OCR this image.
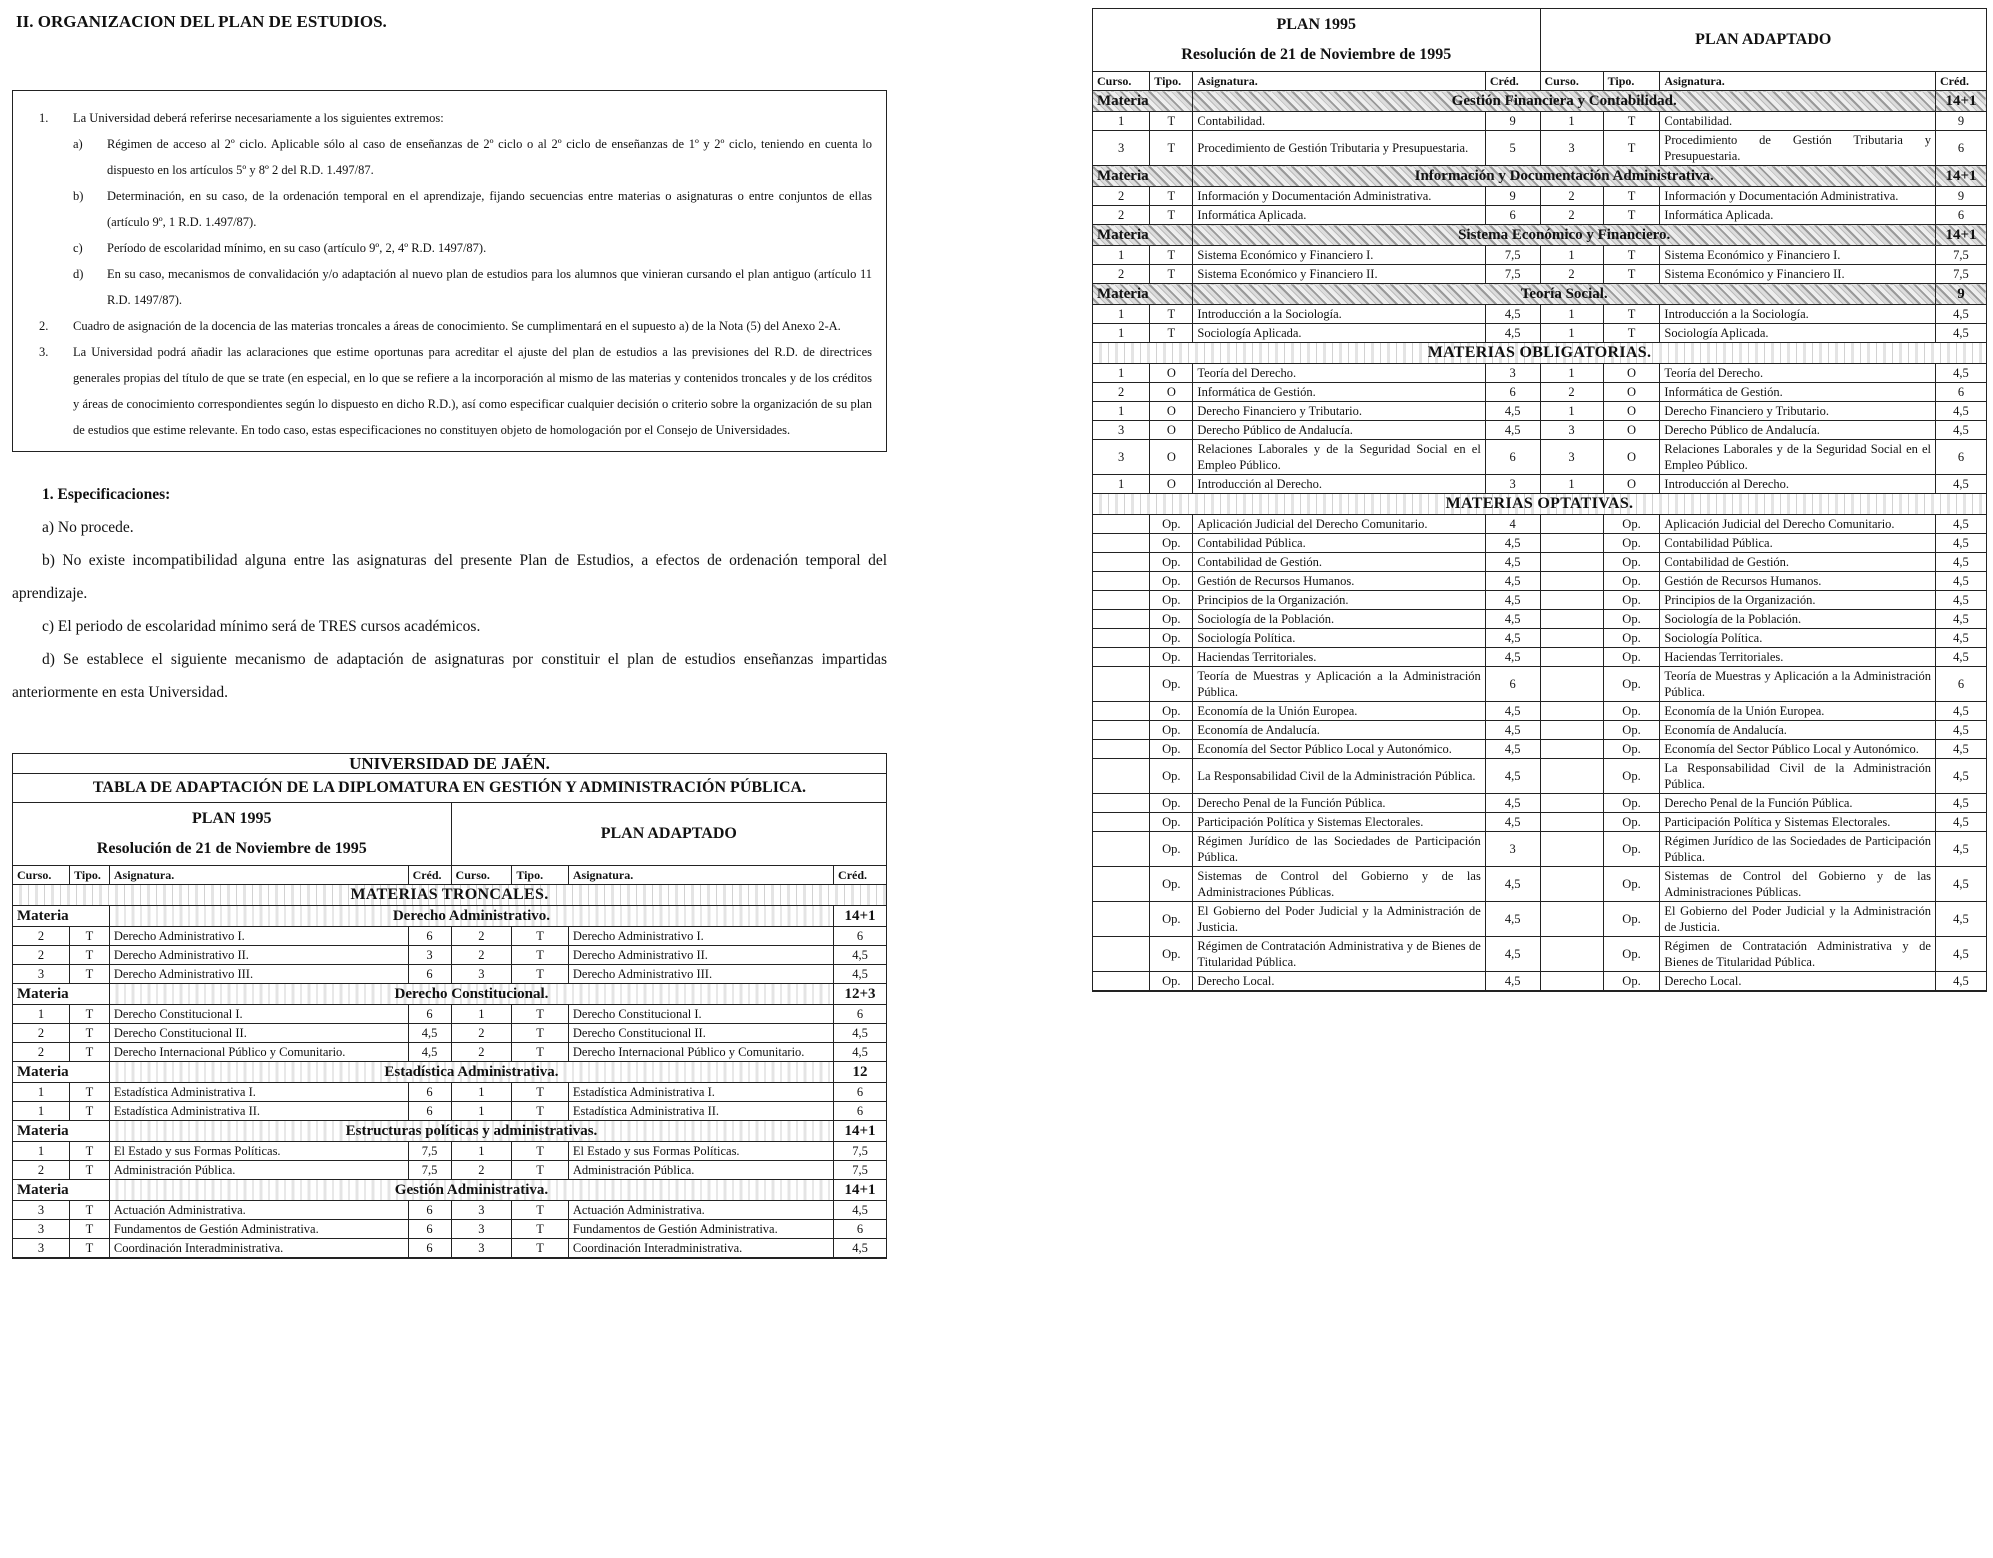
II. ORGANIZACION DEL PLAN DE ESTUDIOS.
1.	La Universidad deberá referirse necesariamente a los siguientes extremos:
a)	Régimen de acceso al 2º ciclo. Aplicable sólo al caso de enseñanzas de 2º ciclo o al 2º ciclo de enseñanzas de 1º y 2º ciclo, teniendo en cuenta lo dispuesto en los artículos 5º y 8º 2 del R.D. 1.497/87.
b)	Determinación, en su caso, de la ordenación temporal en el aprendizaje, fijando secuencias entre materias o asignaturas o entre conjuntos de ellas (artículo 9º, 1 R.D. 1.497/87).
c)	Período de escolaridad mínimo, en su caso (artículo 9º, 2, 4º R.D. 1497/87).
d)	En su caso, mecanismos de convalidación y/o adaptación al nuevo plan de estudios para los alumnos que vinieran cursando el plan antiguo (artículo 11 R.D. 1497/87).
2.	Cuadro de asignación de la docencia de las materias troncales a áreas de conocimiento. Se cumplimentará en el supuesto a) de la Nota (5) del Anexo 2-A.
3.	La Universidad podrá añadir las aclaraciones que estime oportunas para acreditar el ajuste del plan de estudios a las previsiones del R.D. de directrices generales propias del título de que se trate (en especial, en lo que se refiere a la incorporación al mismo de las materias y contenidos troncales y de los créditos y áreas de conocimiento correspondientes según lo dispuesto en dicho R.D.), así como especificar cualquier decisión o criterio sobre la organización de su plan de estudios que estime relevante. En todo caso, estas especificaciones no constituyen objeto de homologación por el Consejo de Universidades.
1. Especificaciones:

a) No procede.

b) No existe incompatibilidad alguna entre las asignaturas del presente Plan de Estudios, a efectos de ordenación temporal del aprendizaje.

c) El periodo de escolaridad mínimo será de TRES cursos académicos.

d) Se establece el siguiente mecanismo de adaptación de asignaturas por constituir el plan de estudios enseñanzas impartidas anteriormente en esta Universidad.

UNIVERSIDAD DE JAÉN.							
TABLA DE ADAPTACIÓN DE LA DIPLOMATURA EN GESTIÓN Y ADMINISTRACIÓN PÚBLICA.							
PLAN 1995
Resolución de 21 de Noviembre de 1995				PLAN ADAPTADO			
Curso.	Tipo.	Asignatura.	Créd.	Curso.	Tipo.	Asignatura.	Créd.
MATERIAS TRONCALES.							
Materia		Derecho Administrativo.					14+1
2	T	Derecho Administrativo I.	6	2	T	Derecho Administrativo I.	6
2	T	Derecho Administrativo II.	3	2	T	Derecho Administrativo II.	4,5
3	T	Derecho Administrativo III.	6	3	T	Derecho Administrativo III.	4,5
Materia		Derecho Constitucional.					12+3
1	T	Derecho Constitucional I.	6	1	T	Derecho Constitucional I.	6
2	T	Derecho Constitucional II.	4,5	2	T	Derecho Constitucional II.	4,5
2	T	Derecho Internacional Público y Comunitario.	4,5	2	T	Derecho Internacional Público y Comunitario.	4,5
Materia		Estadística Administrativa.					12
1	T	Estadística Administrativa I.	6	1	T	Estadística Administrativa I.	6
1	T	Estadística Administrativa II.	6	1	T	Estadística Administrativa II.	6
Materia		Estructuras políticas y administrativas.					14+1
1	T	El Estado y sus Formas Políticas.	7,5	1	T	El Estado y sus Formas Políticas.	7,5
2	T	Administración Pública.	7,5	2	T	Administración Pública.	7,5
Materia		Gestión Administrativa.					14+1
3	T	Actuación Administrativa.	6	3	T	Actuación Administrativa.	4,5
3	T	Fundamentos de Gestión Administrativa.	6	3	T	Fundamentos de Gestión Administrativa.	6
3	T	Coordinación Interadministrativa.	6	3	T	Coordinación Interadministrativa.	4,5
PLAN 1995
Resolución de 21 de Noviembre de 1995				PLAN ADAPTADO			
Curso.	Tipo.	Asignatura.	Créd.	Curso.	Tipo.	Asignatura.	Créd.
Materia		Gestión Financiera y Contabilidad.					14+1
1	T	Contabilidad.	9	1	T	Contabilidad.	9
3	T	Procedimiento de Gestión Tributaria y Presupuestaria.	5	3	T	Procedimiento de Gestión Tributaria y Presupuestaria.	6
Materia		Información y Documentación Administrativa.					14+1
2	T	Información y Documentación Administrativa.	9	2	T	Información y Documentación Administrativa.	9
2	T	Informática Aplicada.	6	2	T	Informática Aplicada.	6
Materia		Sistema Económico y Financiero.					14+1
1	T	Sistema Económico y Financiero I.	7,5	1	T	Sistema Económico y Financiero I.	7,5
2	T	Sistema Económico y Financiero II.	7,5	2	T	Sistema Económico y Financiero II.	7,5
Materia		Teoría Social.					9
1	T	Introducción a la Sociología.	4,5	1	T	Introducción a la Sociología.	4,5
1	T	Sociología Aplicada.	4,5	1	T	Sociología Aplicada.	4,5
MATERIAS OBLIGATORIAS.							
1	O	Teoría del Derecho.	3	1	O	Teoría del Derecho.	4,5
2	O	Informática de Gestión.	6	2	O	Informática de Gestión.	6
1	O	Derecho Financiero y Tributario.	4,5	1	O	Derecho Financiero y Tributario.	4,5
3	O	Derecho Público de Andalucía.	4,5	3	O	Derecho Público de Andalucía.	4,5
3	O	Relaciones Laborales y de la Seguridad Social en el Empleo Público.	6	3	O	Relaciones Laborales y de la Seguridad Social en el Empleo Público.	6
1	O	Introducción al Derecho.	3	1	O	Introducción al Derecho.	4,5
MATERIAS OPTATIVAS.							
	Op.	Aplicación Judicial del Derecho Comunitario.	4		Op.	Aplicación Judicial del Derecho Comunitario.	4,5
	Op.	Contabilidad Pública.	4,5		Op.	Contabilidad Pública.	4,5
	Op.	Contabilidad de Gestión.	4,5		Op.	Contabilidad de Gestión.	4,5
	Op.	Gestión de Recursos Humanos.	4,5		Op.	Gestión de Recursos Humanos.	4,5
	Op.	Principios de la Organización.	4,5		Op.	Principios de la Organización.	4,5
	Op.	Sociología de la Población.	4,5		Op.	Sociología de la Población.	4,5
	Op.	Sociología Política.	4,5		Op.	Sociología Política.	4,5
	Op.	Haciendas Territoriales.	4,5		Op.	Haciendas Territoriales.	4,5
	Op.	Teoría de Muestras y Aplicación a la Administración Pública.	6		Op.	Teoría de Muestras y Aplicación a la Administración Pública.	6
	Op.	Economía de la Unión Europea.	4,5		Op.	Economía de la Unión Europea.	4,5
	Op.	Economía de Andalucía.	4,5		Op.	Economía de Andalucía.	4,5
	Op.	Economía del Sector Público Local y Autonómico.	4,5		Op.	Economía del Sector Público Local y Autonómico.	4,5
	Op.	La Responsabilidad Civil de la Administración Pública.	4,5		Op.	La Responsabilidad Civil de la Administración Pública.	4,5
	Op.	Derecho Penal de la Función Pública.	4,5		Op.	Derecho Penal de la Función Pública.	4,5
	Op.	Participación Política y Sistemas Electorales.	4,5		Op.	Participación Política y Sistemas Electorales.	4,5
	Op.	Régimen Jurídico de las Sociedades de Participación Pública.	3		Op.	Régimen Jurídico de las Sociedades de Participación Pública.	4,5
	Op.	Sistemas de Control del Gobierno y de las Administraciones Públicas.	4,5		Op.	Sistemas de Control del Gobierno y de las Administraciones Públicas.	4,5
	Op.	El Gobierno del Poder Judicial y la Administración de Justicia.	4,5		Op.	El Gobierno del Poder Judicial y la Administración de Justicia.	4,5
	Op.	Régimen de Contratación Administrativa y de Bienes de Titularidad Pública.	4,5		Op.	Régimen de Contratación Administrativa y de Bienes de Titularidad Pública.	4,5
	Op.	Derecho Local.	4,5		Op.	Derecho Local.	4,5
